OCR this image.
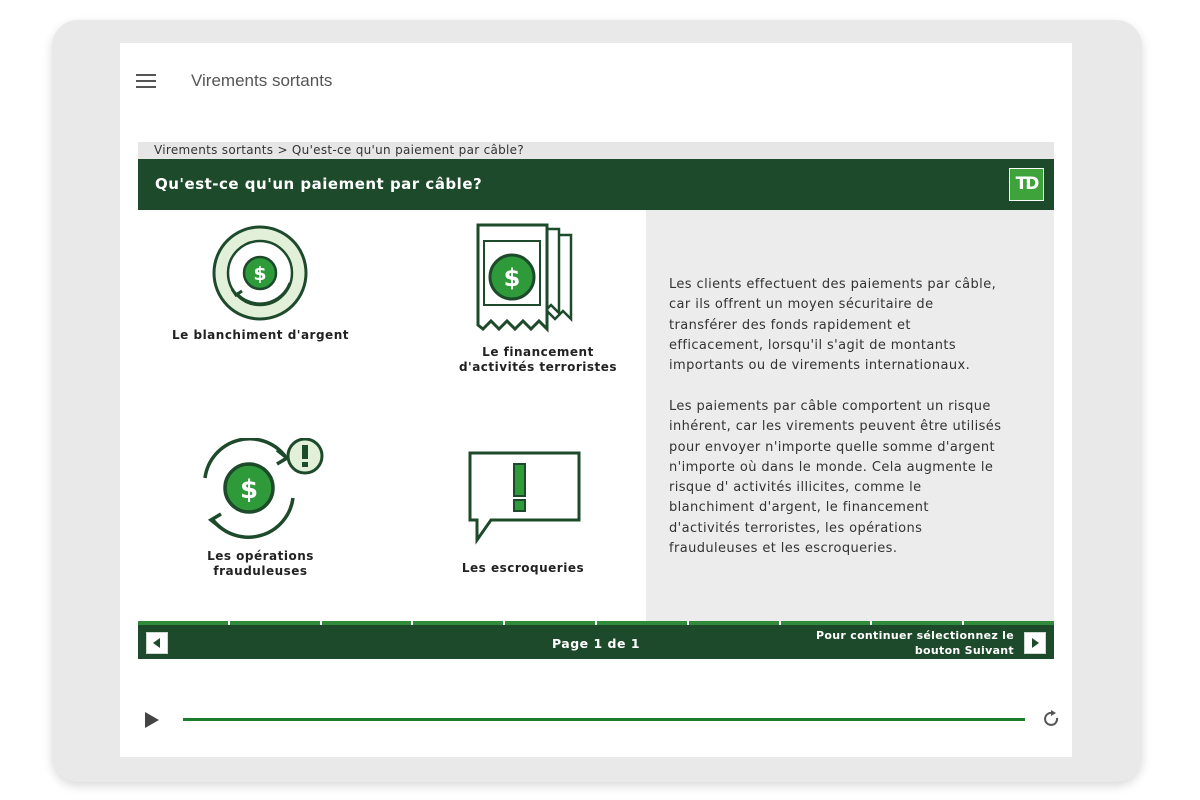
Virements sortants
Virements sortants > Qu'est-ce qu'un paiement par câble?
Qu'est-ce qu'un paiement par câble?	TD
$
Le blanchiment d'argent
$
Le financement
d'activités terroristes
$
Les opérations
frauduleuses	Les escroqueries
Les clients effectuent des paiements par câble,
car ils offrent un moyen sécuritaire de
transférer des fonds rapidement et
efficacement, lorsqu'il s'agit de montants
importants ou de virements internationaux.
Les paiements par câble comportent un risque
inhérent, car les virements peuvent être utilisés
pour envoyer n'importe quelle somme d'argent
n'importe où dans le monde. Cela augmente le
risque d' activités illicites, comme le
blanchiment d'argent, le financement
d'activités terroristes, les opérations
frauduleuses et les escroqueries.
Page 1 de 1
Pour continuer sélectionnez le
bouton Suivant
